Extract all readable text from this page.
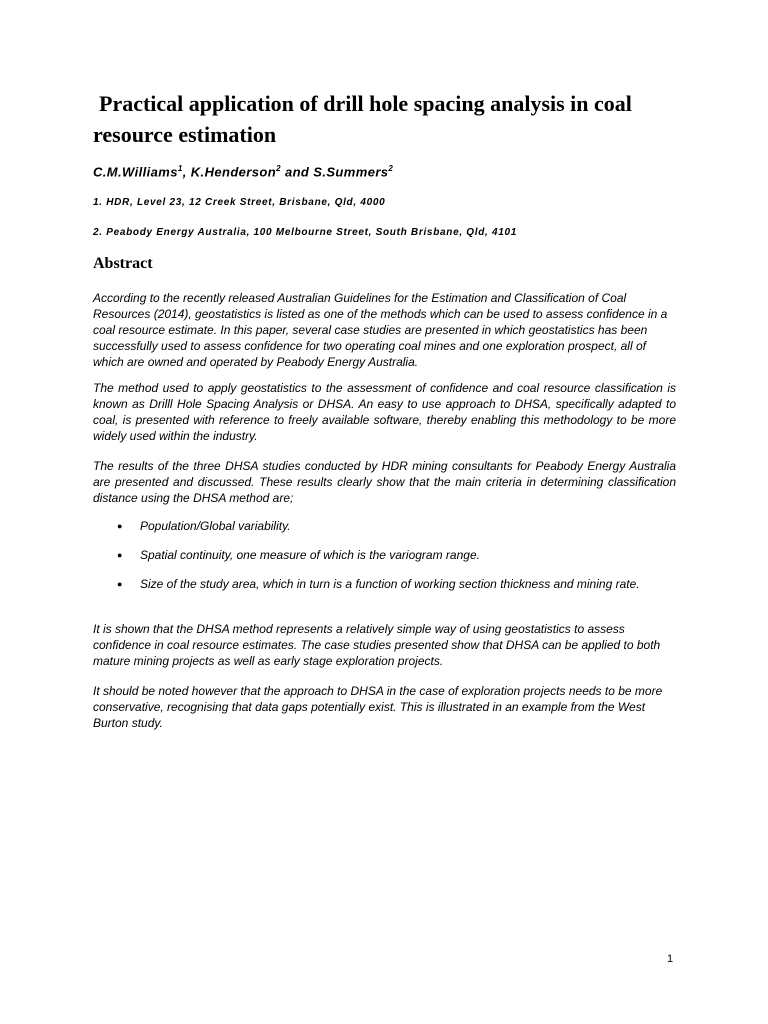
Practical application of drill hole spacing analysis in coal resource estimation
C.M.Williams$^1$, K.Henderson$^2$ and S.Summers$^2$
1. HDR, Level 23, 12 Creek Street, Brisbane, Qld, 4000
2. Peabody Energy Australia, 100 Melbourne Street, South Brisbane, Qld, 4101
Abstract

According to the recently released Australian Guidelines for the Estimation and Classification of Coal Resources (2014), geostatistics is listed as one of the methods which can be used to assess confidence in a coal resource estimate. In this paper, several case studies are presented in which geostatistics has been successfully used to assess confidence for two operating coal mines and one exploration prospect, all of which are owned and operated by Peabody Energy Australia.

The method used to apply geostatistics to the assessment of confidence and coal resource classification is known as Drilll Hole Spacing Analysis or DHSA. An easy to use approach to DHSA, specifically adapted to coal, is presented with reference to freely available software, thereby enabling this methodology to be more widely used within the industry.

The results of the three DHSA studies conducted by HDR mining consultants for Peabody Energy Australia are presented and discussed. These results clearly show that the main criteria in determining classification distance using the DHSA method are;

● Population/Global variability.
● Spatial continuity, one measure of which is the variogram range.
● Size of the study area, which in turn is a function of working section thickness and mining rate.

It is shown that the DHSA method represents a relatively simple way of using geostatistics to assess confidence in coal resource estimates. The case studies presented show that DHSA can be applied to both mature mining projects as well as early stage exploration projects.

It should be noted however that the approach to DHSA in the case of exploration projects needs to be more conservative, recognising that data gaps potentially exist. This is illustrated in an example from the West Burton study.

1
